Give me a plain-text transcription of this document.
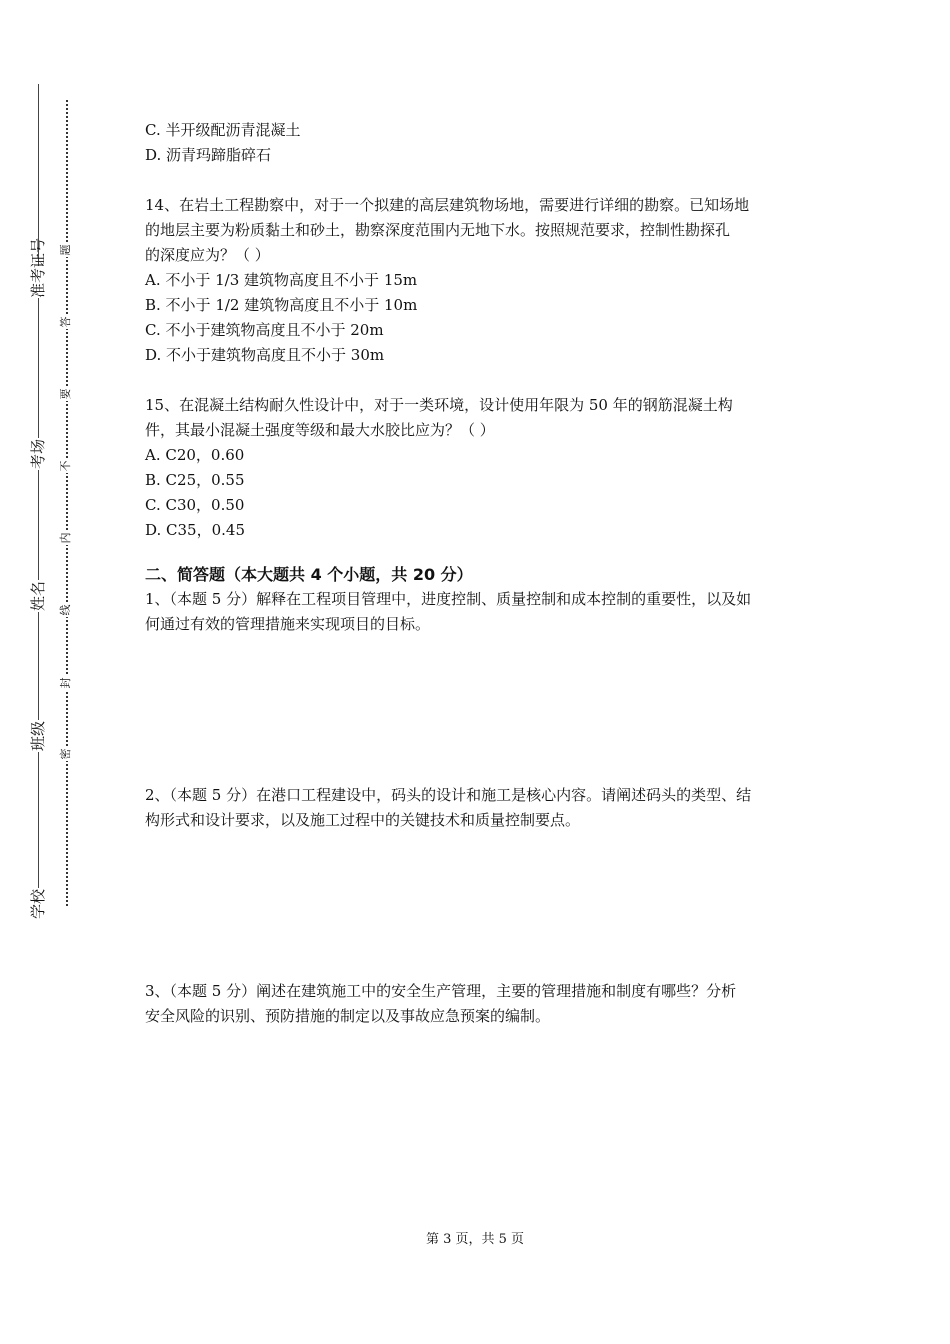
准考证号
考场
姓名
班级
学校
题
答
要
不
内
线
封
密
C. 半开级配沥青混凝土
D. 沥青玛蹄脂碎石
14、在岩土工程勘察中，对于一个拟建的高层建筑物场地，需要进行详细的勘察。已知场地
的地层主要为粉质黏土和砂土，勘察深度范围内无地下水。按照规范要求，控制性勘探孔
的深度应为？（ ）
A. 不小于 1/3 建筑物高度且不小于 15m
B. 不小于 1/2 建筑物高度且不小于 10m
C. 不小于建筑物高度且不小于 20m
D. 不小于建筑物高度且不小于 30m
15、在混凝土结构耐久性设计中，对于一类环境，设计使用年限为 50 年的钢筋混凝土构
件，其最小混凝土强度等级和最大水胶比应为？（ ）
A. C20，0.60
B. C25，0.55
C. C30，0.50
D. C35，0.45
二、简答题（本大题共 4 个小题，共 20 分）
1、（本题 5 分）解释在工程项目管理中，进度控制、质量控制和成本控制的重要性，以及如
何通过有效的管理措施来实现项目的目标。
2、（本题 5 分）在港口工程建设中，码头的设计和施工是核心内容。请阐述码头的类型、结
构形式和设计要求，以及施工过程中的关键技术和质量控制要点。
3、（本题 5 分）阐述在建筑施工中的安全生产管理，主要的管理措施和制度有哪些？分析
安全风险的识别、预防措施的制定以及事故应急预案的编制。
第 3 页，共 5 页
